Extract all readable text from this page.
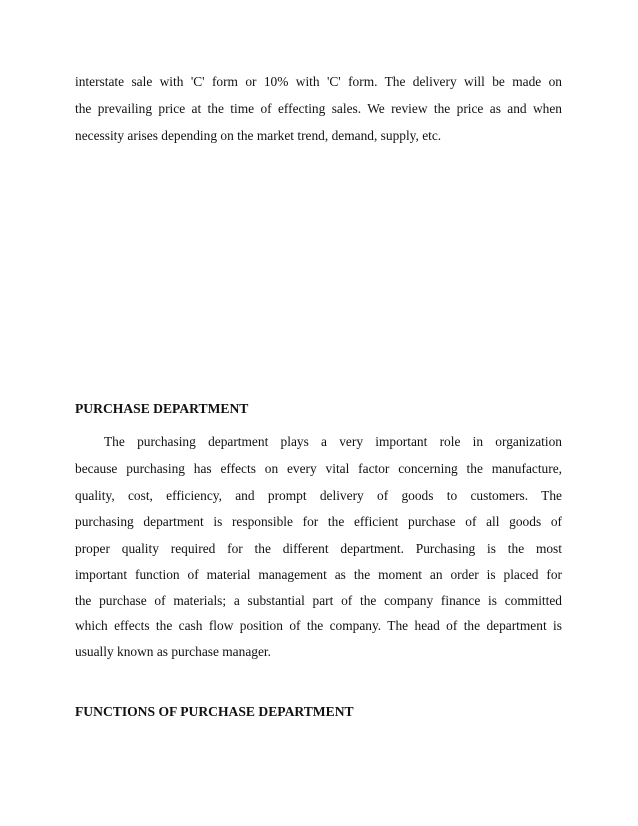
interstate sale with 'C' form or 10% with 'C' form. The delivery will be made on
the prevailing price at the time of effecting sales. We review the price as and when
necessity arises depending on the market trend, demand, supply, etc.
PURCHASE DEPARTMENT
The purchasing department plays a very important role in organization
because purchasing has effects on every vital factor concerning the manufacture,
quality, cost, efficiency, and prompt delivery of goods to customers. The
purchasing department is responsible for the efficient purchase of all goods of
proper quality required for the different department. Purchasing is the most
important function of material management as the moment an order is placed for
the purchase of materials; a substantial part of the company finance is committed
which effects the cash flow position of the company. The head of the department is
usually known as purchase manager.
FUNCTIONS OF PURCHASE DEPARTMENT
